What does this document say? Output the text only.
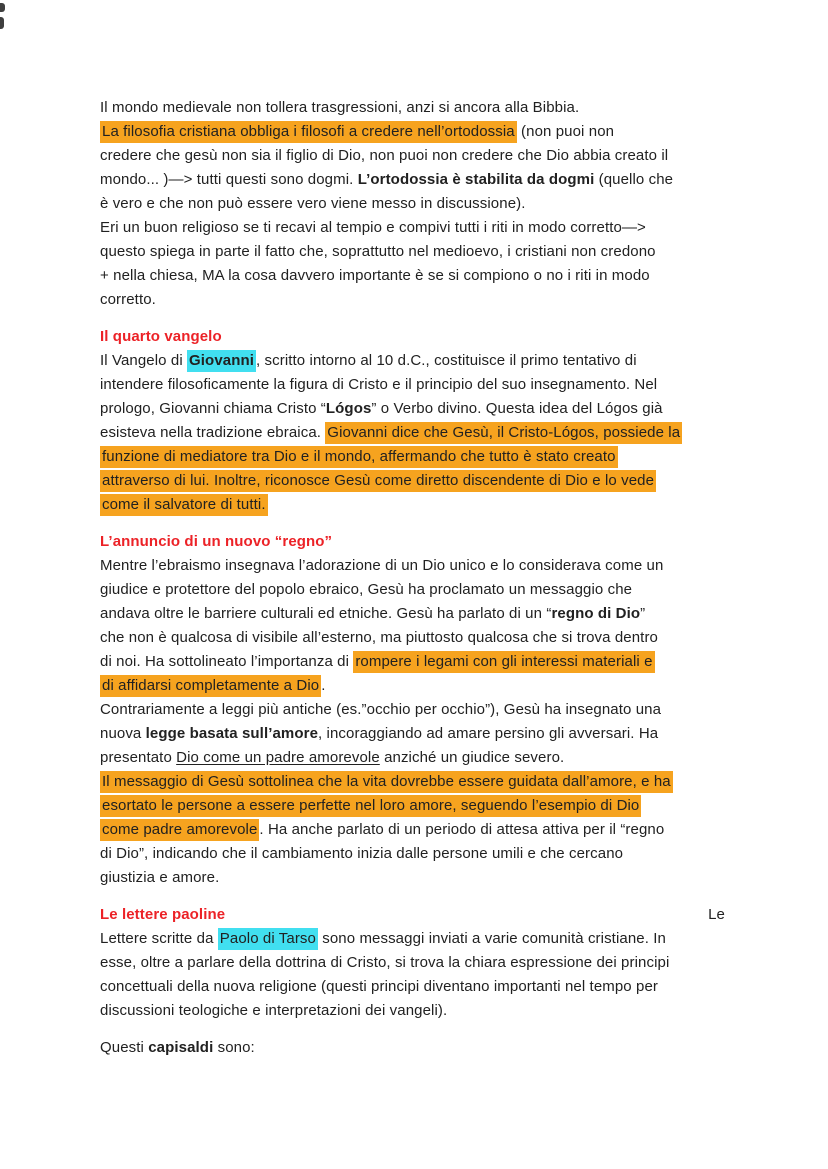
Il mondo medievale non tollera trasgressioni, anzi si ancora alla Bibbia.
La filosofia cristiana obbliga i filosofi a credere nell’ortodossia (non puoi non
credere che gesù non sia il figlio di Dio, non puoi non credere che Dio abbia creato il
mondo... )—> tutti questi sono dogmi. L’ortodossia è stabilita da dogmi (quello che
è vero e che non può essere vero viene messo in discussione).
Eri un buon religioso se ti recavi al tempio e compivi tutti i riti in modo corretto—>
questo spiega in parte il fatto che, soprattutto nel medioevo, i cristiani non credono
+ nella chiesa, MA la cosa davvero importante è se si compiono o no i riti in modo
corretto.
Il quarto vangelo
Il Vangelo di Giovanni , scritto intorno al 10 d.C., costituisce il primo tentativo di
intendere filosoficamente la figura di Cristo e il principio del suo insegnamento. Nel
prologo, Giovanni chiama Cristo “Lógos” o Verbo divino. Questa idea del Lógos già
esisteva nella tradizione ebraica. Giovanni dice che Gesù, il Cristo-Lógos, possiede la
funzione di mediatore tra Dio e il mondo, affermando che tutto è stato creato
attraverso di lui. Inoltre, riconosce Gesù come diretto discendente di Dio e lo vede
come il salvatore di tutti.
L’annuncio di un nuovo “regno”
Mentre l’ebraismo insegnava l’adorazione di un Dio unico e lo considerava come un
giudice e protettore del popolo ebraico, Gesù ha proclamato un messaggio che
andava oltre le barriere culturali ed etniche. Gesù ha parlato di un “regno di Dio”
che non è qualcosa di visibile all’esterno, ma piuttosto qualcosa che si trova dentro
di noi. Ha sottolineato l’importanza di rompere i legami con gli interessi materiali e
di affidarsi completamente a Dio .
Contrariamente a leggi più antiche (es.”occhio per occhio”), Gesù ha insegnato una
nuova legge basata sull’amore, incoraggiando ad amare persino gli avversari. Ha
presentato Dio come un padre amorevole anziché un giudice severo.
Il messaggio di Gesù sottolinea che la vita dovrebbe essere guidata dall’amore, e ha
esortato le persone a essere perfette nel loro amore, seguendo l’esempio di Dio
come padre amorevole . Ha anche parlato di un periodo di attesa attiva per il “regno
di Dio”, indicando che il cambiamento inizia dalle persone umili e che cercano
giustizia e amore.
Le lettere paoline	Le
Lettere scritte da Paolo di Tarso sono messaggi inviati a varie comunità cristiane. In
esse, oltre a parlare della dottrina di Cristo, si trova la chiara espressione dei principi
concettuali della nuova religione (questi principi diventano importanti nel tempo per
discussioni teologiche e interpretazioni dei vangeli).
Questi capisaldi sono:
